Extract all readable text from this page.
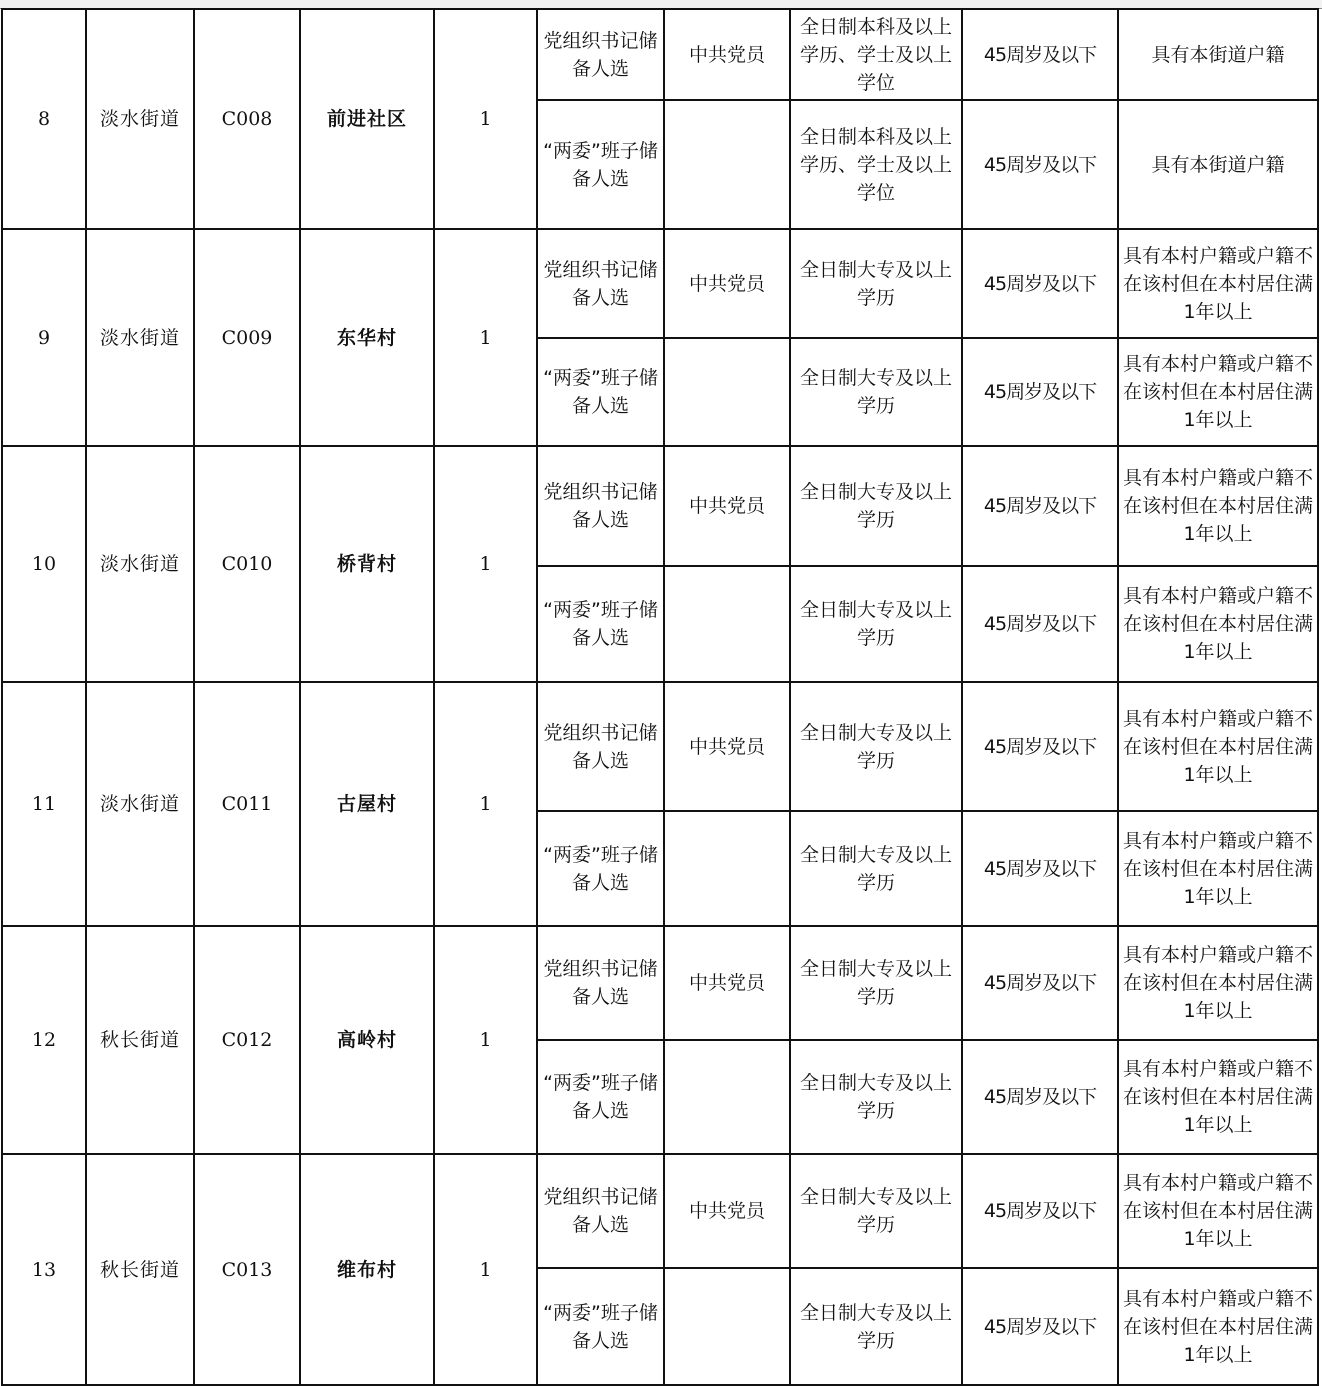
8	淡水街道	C008	前进社区	1	党组织书记储备人选	中共党员	全日制本科及以上学历、学士及以上学位	45周岁及以下	具有本街道户籍
					“两委”班子储备人选		全日制本科及以上学历、学士及以上学位	45周岁及以下	具有本街道户籍
9	淡水街道	C009	东华村	1	党组织书记储备人选	中共党员	全日制大专及以上学历	45周岁及以下	具有本村户籍或户籍不在该村但在本村居住满1年以上
					“两委”班子储备人选		全日制大专及以上学历	45周岁及以下	具有本村户籍或户籍不在该村但在本村居住满1年以上
10	淡水街道	C010	桥背村	1	党组织书记储备人选	中共党员	全日制大专及以上学历	45周岁及以下	具有本村户籍或户籍不在该村但在本村居住满1年以上
					“两委”班子储备人选		全日制大专及以上学历	45周岁及以下	具有本村户籍或户籍不在该村但在本村居住满1年以上
11	淡水街道	C011	古屋村	1	党组织书记储备人选	中共党员	全日制大专及以上学历	45周岁及以下	具有本村户籍或户籍不在该村但在本村居住满1年以上
					“两委”班子储备人选		全日制大专及以上学历	45周岁及以下	具有本村户籍或户籍不在该村但在本村居住满1年以上
12	秋长街道	C012	高岭村	1	党组织书记储备人选	中共党员	全日制大专及以上学历	45周岁及以下	具有本村户籍或户籍不在该村但在本村居住满1年以上
					“两委”班子储备人选		全日制大专及以上学历	45周岁及以下	具有本村户籍或户籍不在该村但在本村居住满1年以上
13	秋长街道	C013	维布村	1	党组织书记储备人选	中共党员	全日制大专及以上学历	45周岁及以下	具有本村户籍或户籍不在该村但在本村居住满1年以上
					“两委”班子储备人选		全日制大专及以上学历	45周岁及以下	具有本村户籍或户籍不在该村但在本村居住满1年以上
